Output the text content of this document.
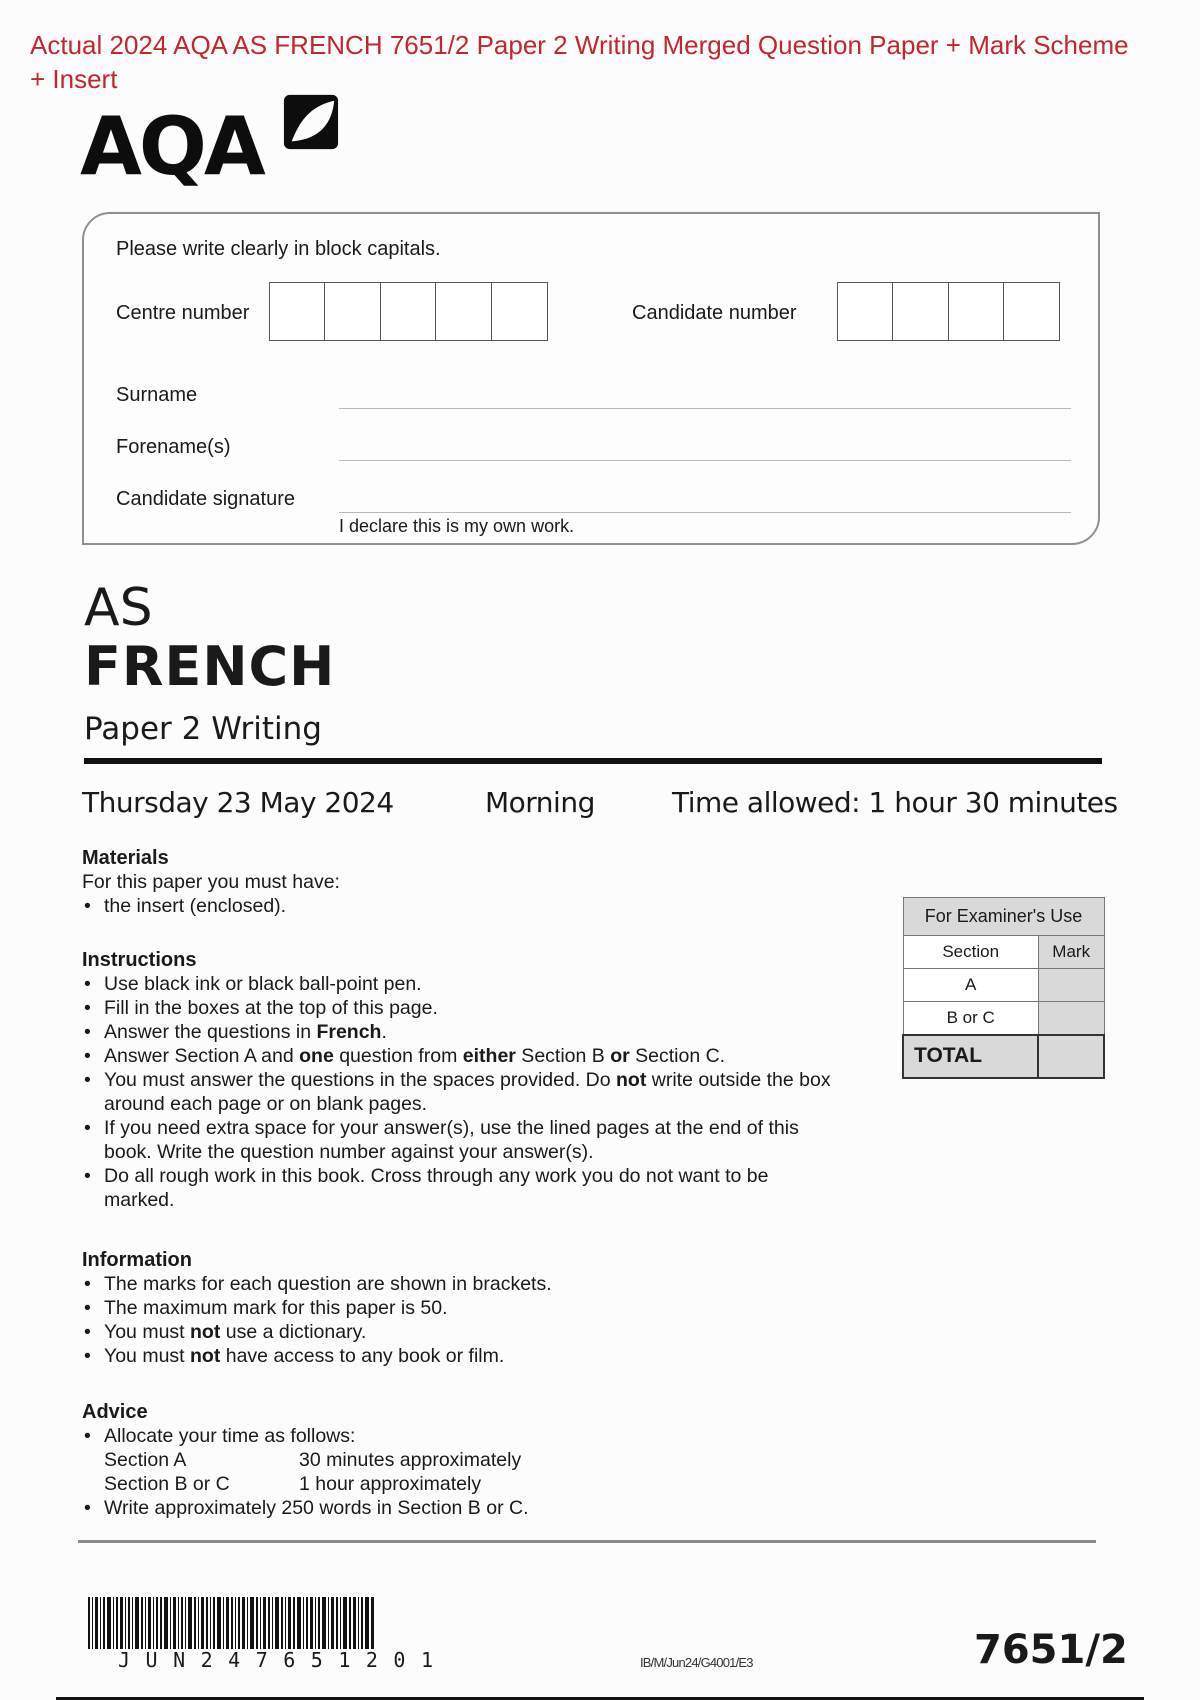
Actual 2024 AQA AS FRENCH 7651/2 Paper 2 Writing Merged Question Paper + Mark Scheme + Insert
AQA
Please write clearly in block capitals.
Centre number	Candidate number
Surname
Forename(s)
Candidate signature
I declare this is my own work.
AS
FRENCH
Paper 2 Writing
Thursday 23 May 2024	Morning	Time allowed: 1 hour 30 minutes
Materials
For this paper you must have:
• the insert (enclosed).
Instructions
• Use black ink or black ball-point pen.
• Fill in the boxes at the top of this page.
• Answer the questions in French.
• Answer Section A and one question from either Section B or Section C.
• You must answer the questions in the spaces provided. Do not write outside the box around each page or on blank pages.
• If you need extra space for your answer(s), use the lined pages at the end of this book. Write the question number against your answer(s).
• Do all rough work in this book. Cross through any work you do not want to be marked.
For Examiner's Use	
Section	Mark
A	
B or C	
TOTAL	
Information
• The marks for each question are shown in brackets.
• The maximum mark for this paper is 50.
• You must not use a dictionary.
• You must not have access to any book or film.
Advice
• Allocate your time as follows:
Section A	30 minutes approximately
Section B or C	1 hour approximately
• Write approximately 250 words in Section B or C.
JUN247651201	IB/M/Jun24/G4001/E3	7651/2
